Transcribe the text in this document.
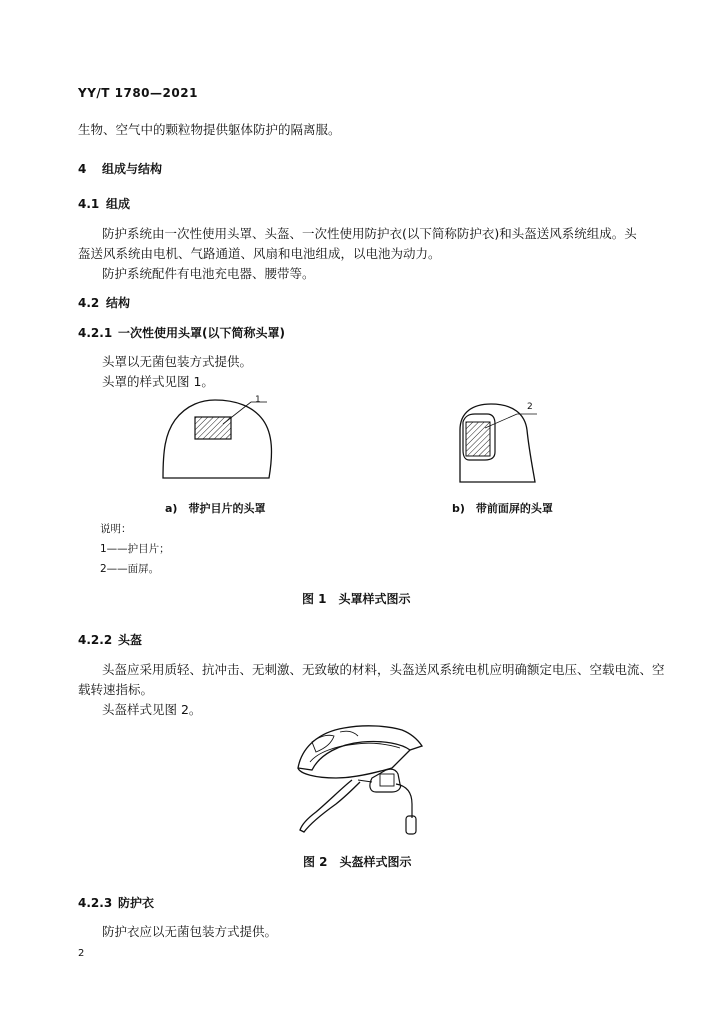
YY/T 1780—2021
生物、空气中的颗粒物提供躯体防护的隔离服。
4 组成与结构
4.1 组成
防护系统由一次性使用头罩、头盔、一次性使用防护衣(以下简称防护衣)和头盔送风系统组成。头
盔送风系统由电机、气路通道、风扇和电池组成，以电池为动力。
防护系统配件有电池充电器、腰带等。
4.2 结构
4.2.1 一次性使用头罩(以下简称头罩)
头罩以无菌包装方式提供。
头罩的样式见图 1。
1
2
a)　带护目片的头罩	b)　带前面屏的头罩
说明：
1——护目片；
2——面屏。
图 1　头罩样式图示
4.2.2 头盔
头盔应采用质轻、抗冲击、无刺激、无致敏的材料，头盔送风系统电机应明确额定电压、空载电流、空
载转速指标。
头盔样式见图 2。
图 2　头盔样式图示
4.2.3 防护衣
防护衣应以无菌包装方式提供。
2
